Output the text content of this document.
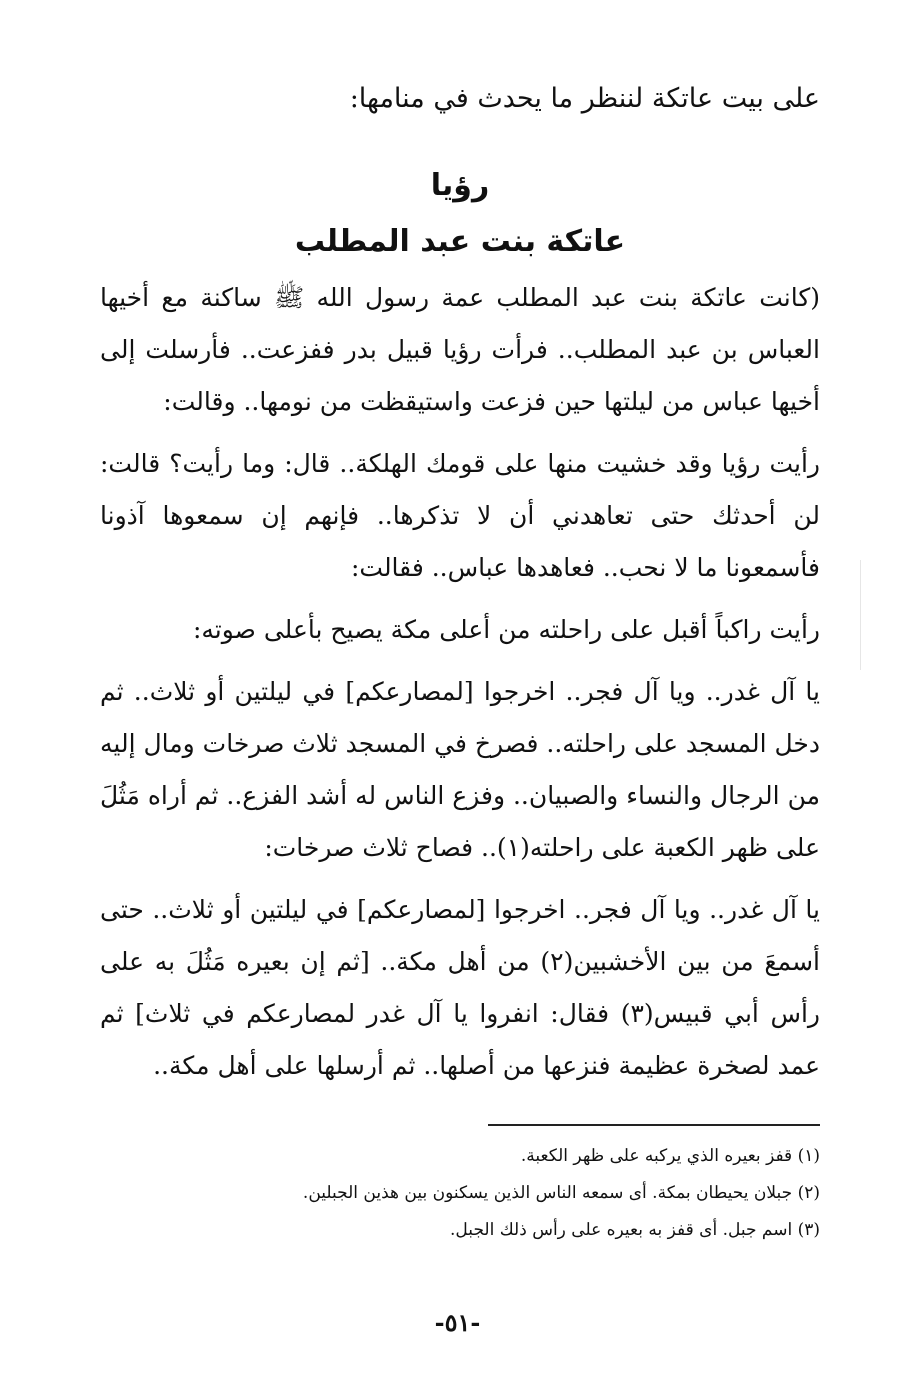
على بيت عاتكة لننظر ما يحدث في منامها:
رؤيا
عاتكة بنت عبد المطلب

(كانت عاتكة بنت عبد المطلب عمة رسول الله ﷺ ساكنة مع أخيها العباس بن عبد المطلب.. فرأت رؤيا قبيل بدر ففزعت.. فأرسلت إلى أخيها عباس من ليلتها حين فزعت واستيقظت من نومها.. وقالت:

رأيت رؤيا وقد خشيت منها على قومك الهلكة.. قال: وما رأيت؟ قالت: لن أحدثك حتى تعاهدني أن لا تذكرها.. فإنهم إن سمعوها آذونا فأسمعونا ما لا نحب.. فعاهدها عباس.. فقالت:

رأيت راكباً أقبل على راحلته من أعلى مكة يصيح بأعلى صوته:

يا آل غدر.. ويا آل فجر.. اخرجوا [لمصارعكم] في ليلتين أو ثلاث.. ثم دخل المسجد على راحلته.. فصرخ في المسجد ثلاث صرخات ومال إليه من الرجال والنساء والصبيان.. وفزع الناس له أشد الفزع.. ثم أراه مَثُلَ على ظهر الكعبة على راحلته(١).. فصاح ثلاث صرخات:

يا آل غدر.. ويا آل فجر.. اخرجوا [لمصارعكم] في ليلتين أو ثلاث.. حتى أسمعَ من بين الأخشبين(٢) من أهل مكة.. [ثم إن بعيره مَثُلَ به على رأس أبي قبيس(٣) فقال: انفروا يا آل غدر لمصارعكم في ثلاث] ثم عمد لصخرة عظيمة فنزعها من أصلها.. ثم أرسلها على أهل مكة..

(١) قفز بعيره الذي يركبه على ظهر الكعبة.

(٢) جبلان يحيطان بمكة. أى سمعه الناس الذين يسكنون بين هذين الجبلين.

(٣) اسم جبل. أى قفز به بعيره على رأس ذلك الجبل.

-٥١-
